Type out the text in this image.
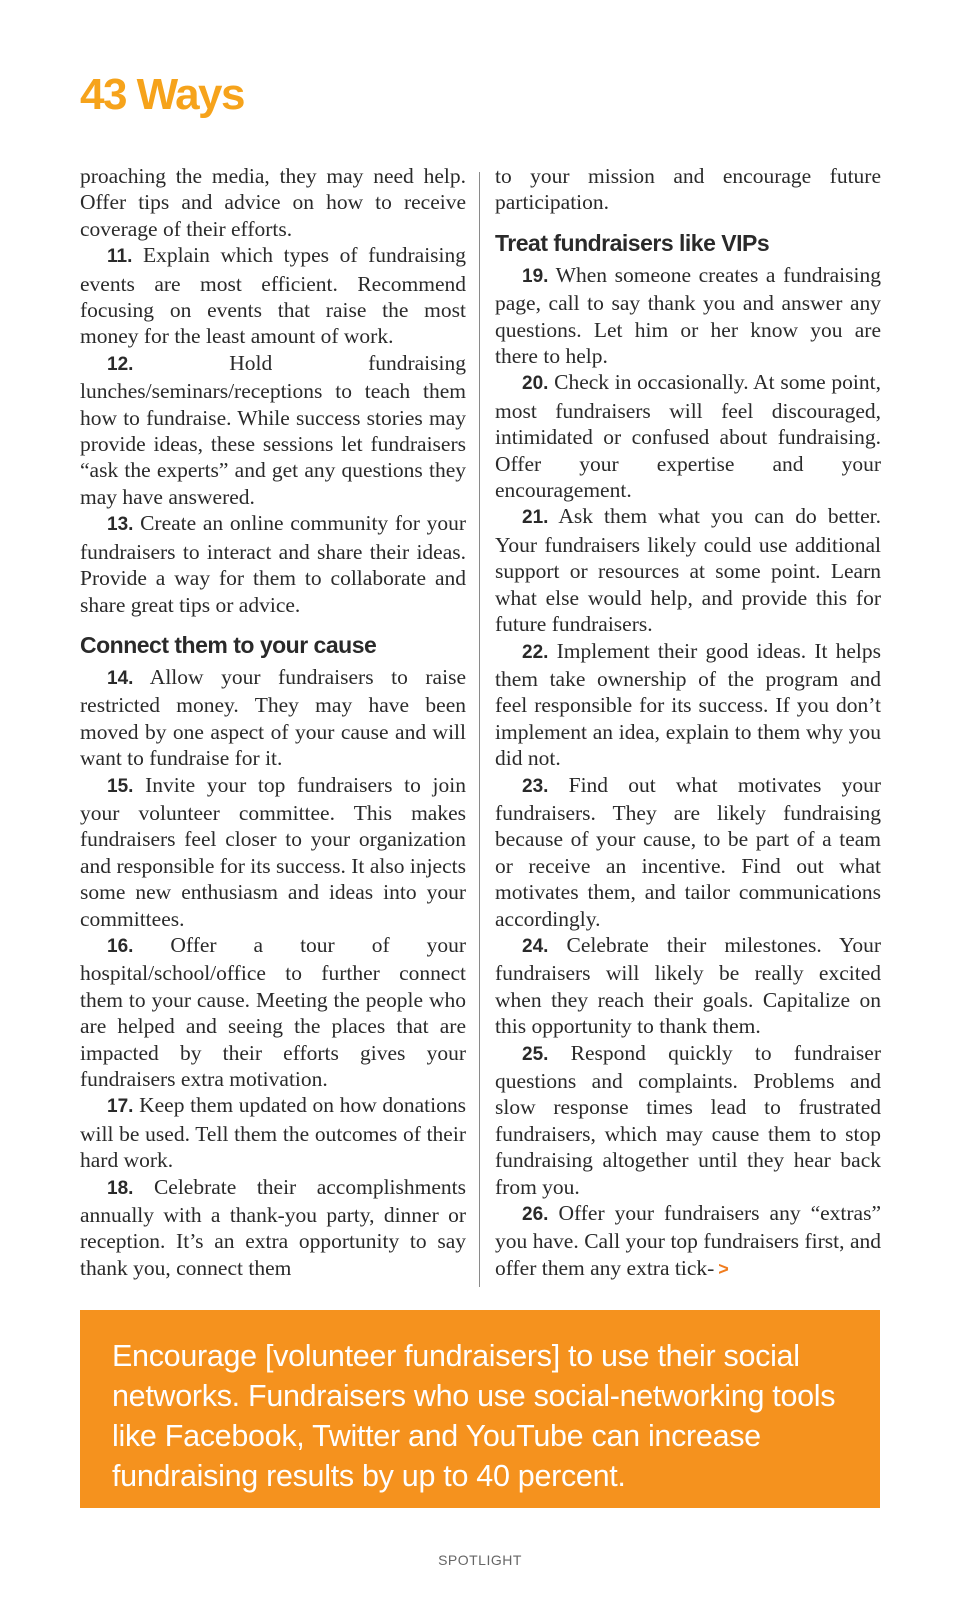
43 Ways

proaching the media, they may need help. Offer tips and advice on how to receive coverage of their efforts.

11. Explain which types of fundraising events are most efficient. Recommend focusing on events that raise the most money for the least amount of work.

12.	Hold fundraising lunches/seminars/receptions to teach them how to fundraise. While success stories may provide ideas, these sessions let fundraisers “ask the experts” and get any questions they may have answered.

13. Create an online community for your fundraisers to interact and share their ideas. Provide a way for them to collaborate and share great tips or advice.

Connect them to your cause

14. Allow your fundraisers to raise restricted money. They may have been moved by one aspect of your cause and will want to fundraise for it.

15. Invite your top fundraisers to join your volunteer committee. This makes fundraisers feel closer to your organization and responsible for its success. It also injects some new enthusiasm and ideas into your committees.

16. Offer a tour of your hospital/school/office to further connect them to your cause. Meeting the people who are helped and seeing the places that are impacted by their efforts gives your fundraisers extra motivation.

17. Keep them updated on how donations will be used. Tell them the outcomes of their hard work.

18. Celebrate their accomplishments annually with a thank-you party, dinner or reception. It’s an extra opportunity to say thank you, connect them

to your mission and encourage future participation.

Treat fundraisers like VIPs

19. When someone creates a fundraising page, call to say thank you and answer any questions. Let him or her know you are there to help.

20. Check in occasionally. At some point, most fundraisers will feel discouraged, intimidated or confused about fundraising. Offer your expertise and your encouragement.

21. Ask them what you can do better. Your fundraisers likely could use additional support or resources at some point. Learn what else would help, and provide this for future fundraisers.

22. Implement their good ideas. It helps them take ownership of the program and feel responsible for its success. If you don’t implement an idea, explain to them why you did not.

23. Find out what motivates your fundraisers. They are likely fundraising because of your cause, to be part of a team or receive an incentive. Find out what motivates them, and tailor communications accordingly.

24. Celebrate their milestones. Your fundraisers will likely be really excited when they reach their goals. Capitalize on this opportunity to thank them.

25. Respond quickly to fundraiser questions and complaints. Problems and slow response times lead to frustrated fundraisers, which may cause them to stop fundraising altogether until they hear back from you.

26. Offer your fundraisers any “extras” you have. Call your top fundraisers first, and offer them any extra tick- >

Encourage [volunteer fundraisers] to use their social networks. Fundraisers who use social-networking tools like Facebook, Twitter and YouTube can increase fundraising results by up to 40 percent.

SPOTLIGHT
